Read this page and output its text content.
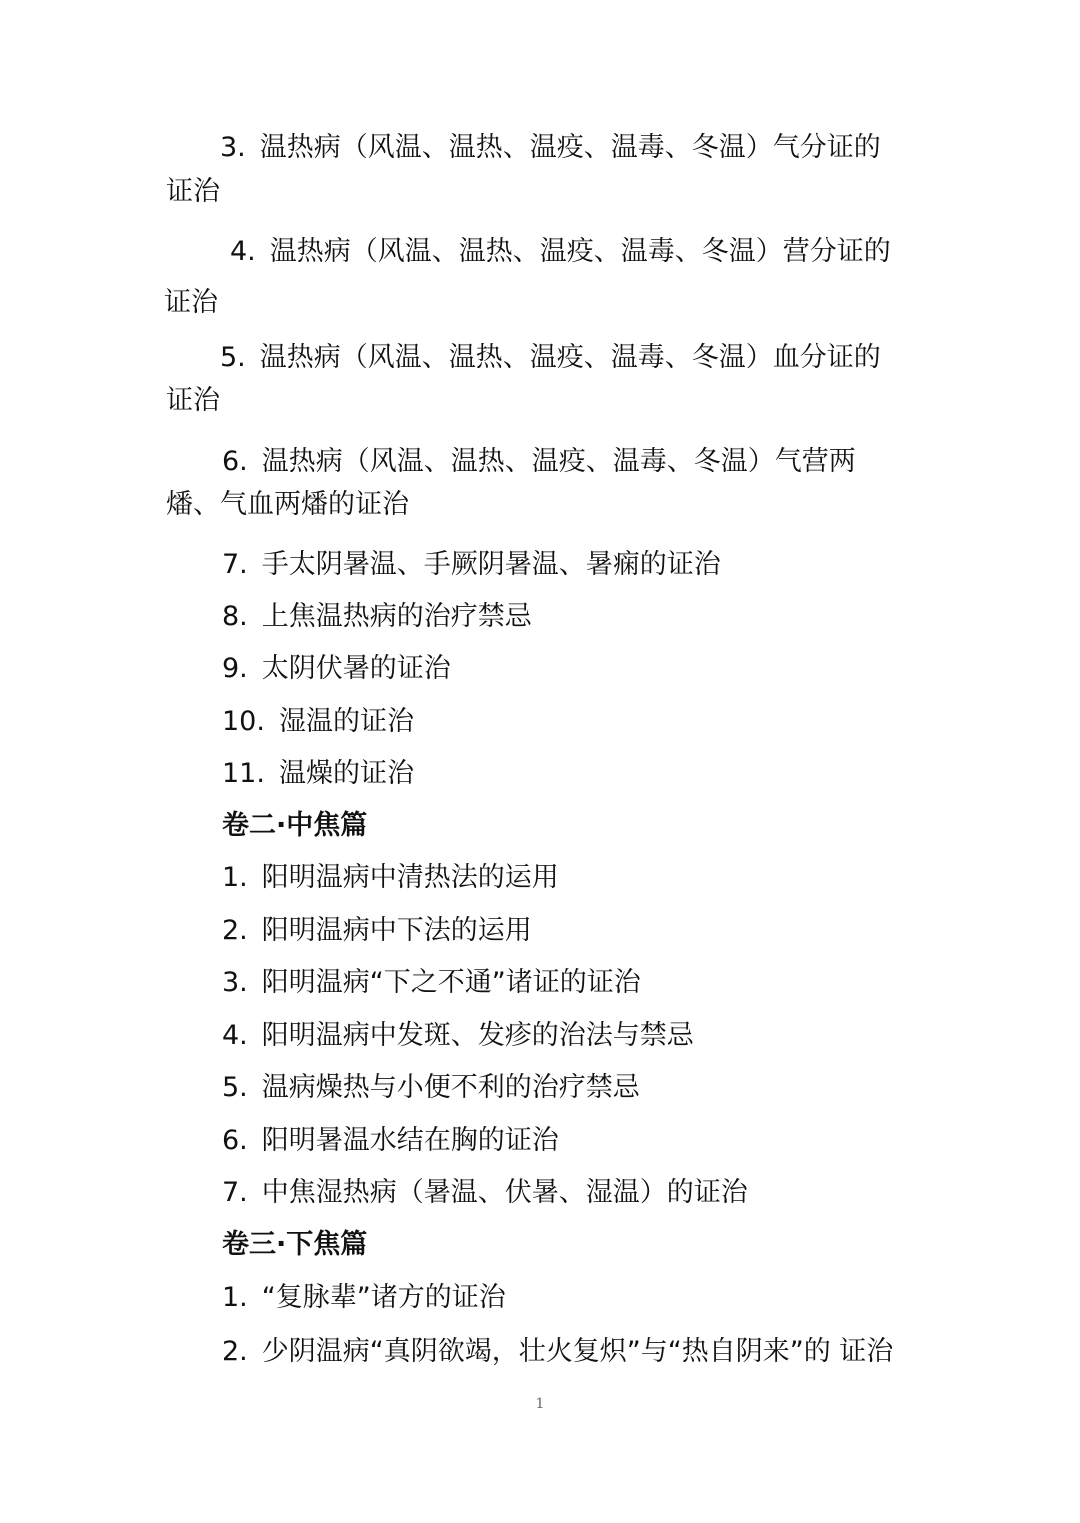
3. 温热病（风温、温热、温疫、温毒、冬温）气分证的
证治
4. 温热病（风温、温热、温疫、温毒、冬温）营分证的
证治
5. 温热病（风温、温热、温疫、温毒、冬温）血分证的
证治
6. 温热病（风温、温热、温疫、温毒、冬温）气营两
燔、气血两燔的证治
7. 手太阴暑温、手厥阴暑温、暑痫的证治
8. 上焦温热病的治疗禁忌
9. 太阴伏暑的证治
10. 湿温的证治
11. 温燥的证治
卷二·中焦篇
1. 阳明温病中清热法的运用
2. 阳明温病中下法的运用
3. 阳明温病“下之不通”诸证的证治
4. 阳明温病中发斑、发疹的治法与禁忌
5. 温病燥热与小便不利的治疗禁忌
6. 阳明暑温水结在胸的证治
7. 中焦湿热病（暑温、伏暑、湿温）的证治
卷三·下焦篇
1. “复脉辈”诸方的证治
2. 少阴温病“真阴欲竭，壮火复炽”与“热自阴来”的 证治
1
